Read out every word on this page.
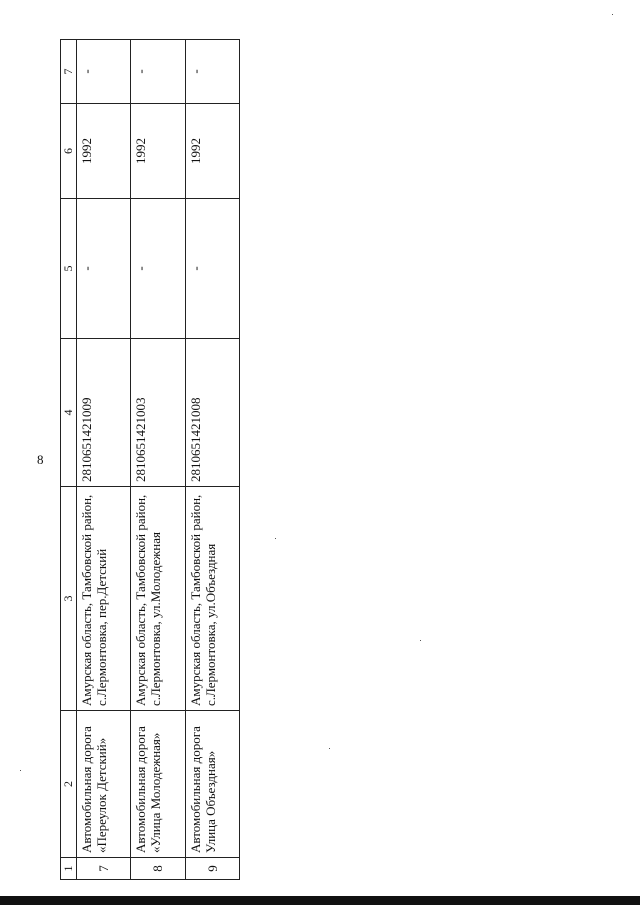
8
1	2	3	4	5	6	7
7	Автомобильная дорога «Переулок Детский»	Амурская область, Тамбовской район, с.Лермонтовка, пер.Детский	2810651421009	-	1992	-
8	Автомобильная дорога «Улица Молодежная»	Амурская область, Тамбовской район, с.Лермонтовка, ул.Молодежная	2810651421003	-	1992	-
9	Автомобильная дорога Улица Объездная»	Амурская область, Тамбовской район, с.Лермонтовка, ул.Объездная	2810651421008	-	1992	-
